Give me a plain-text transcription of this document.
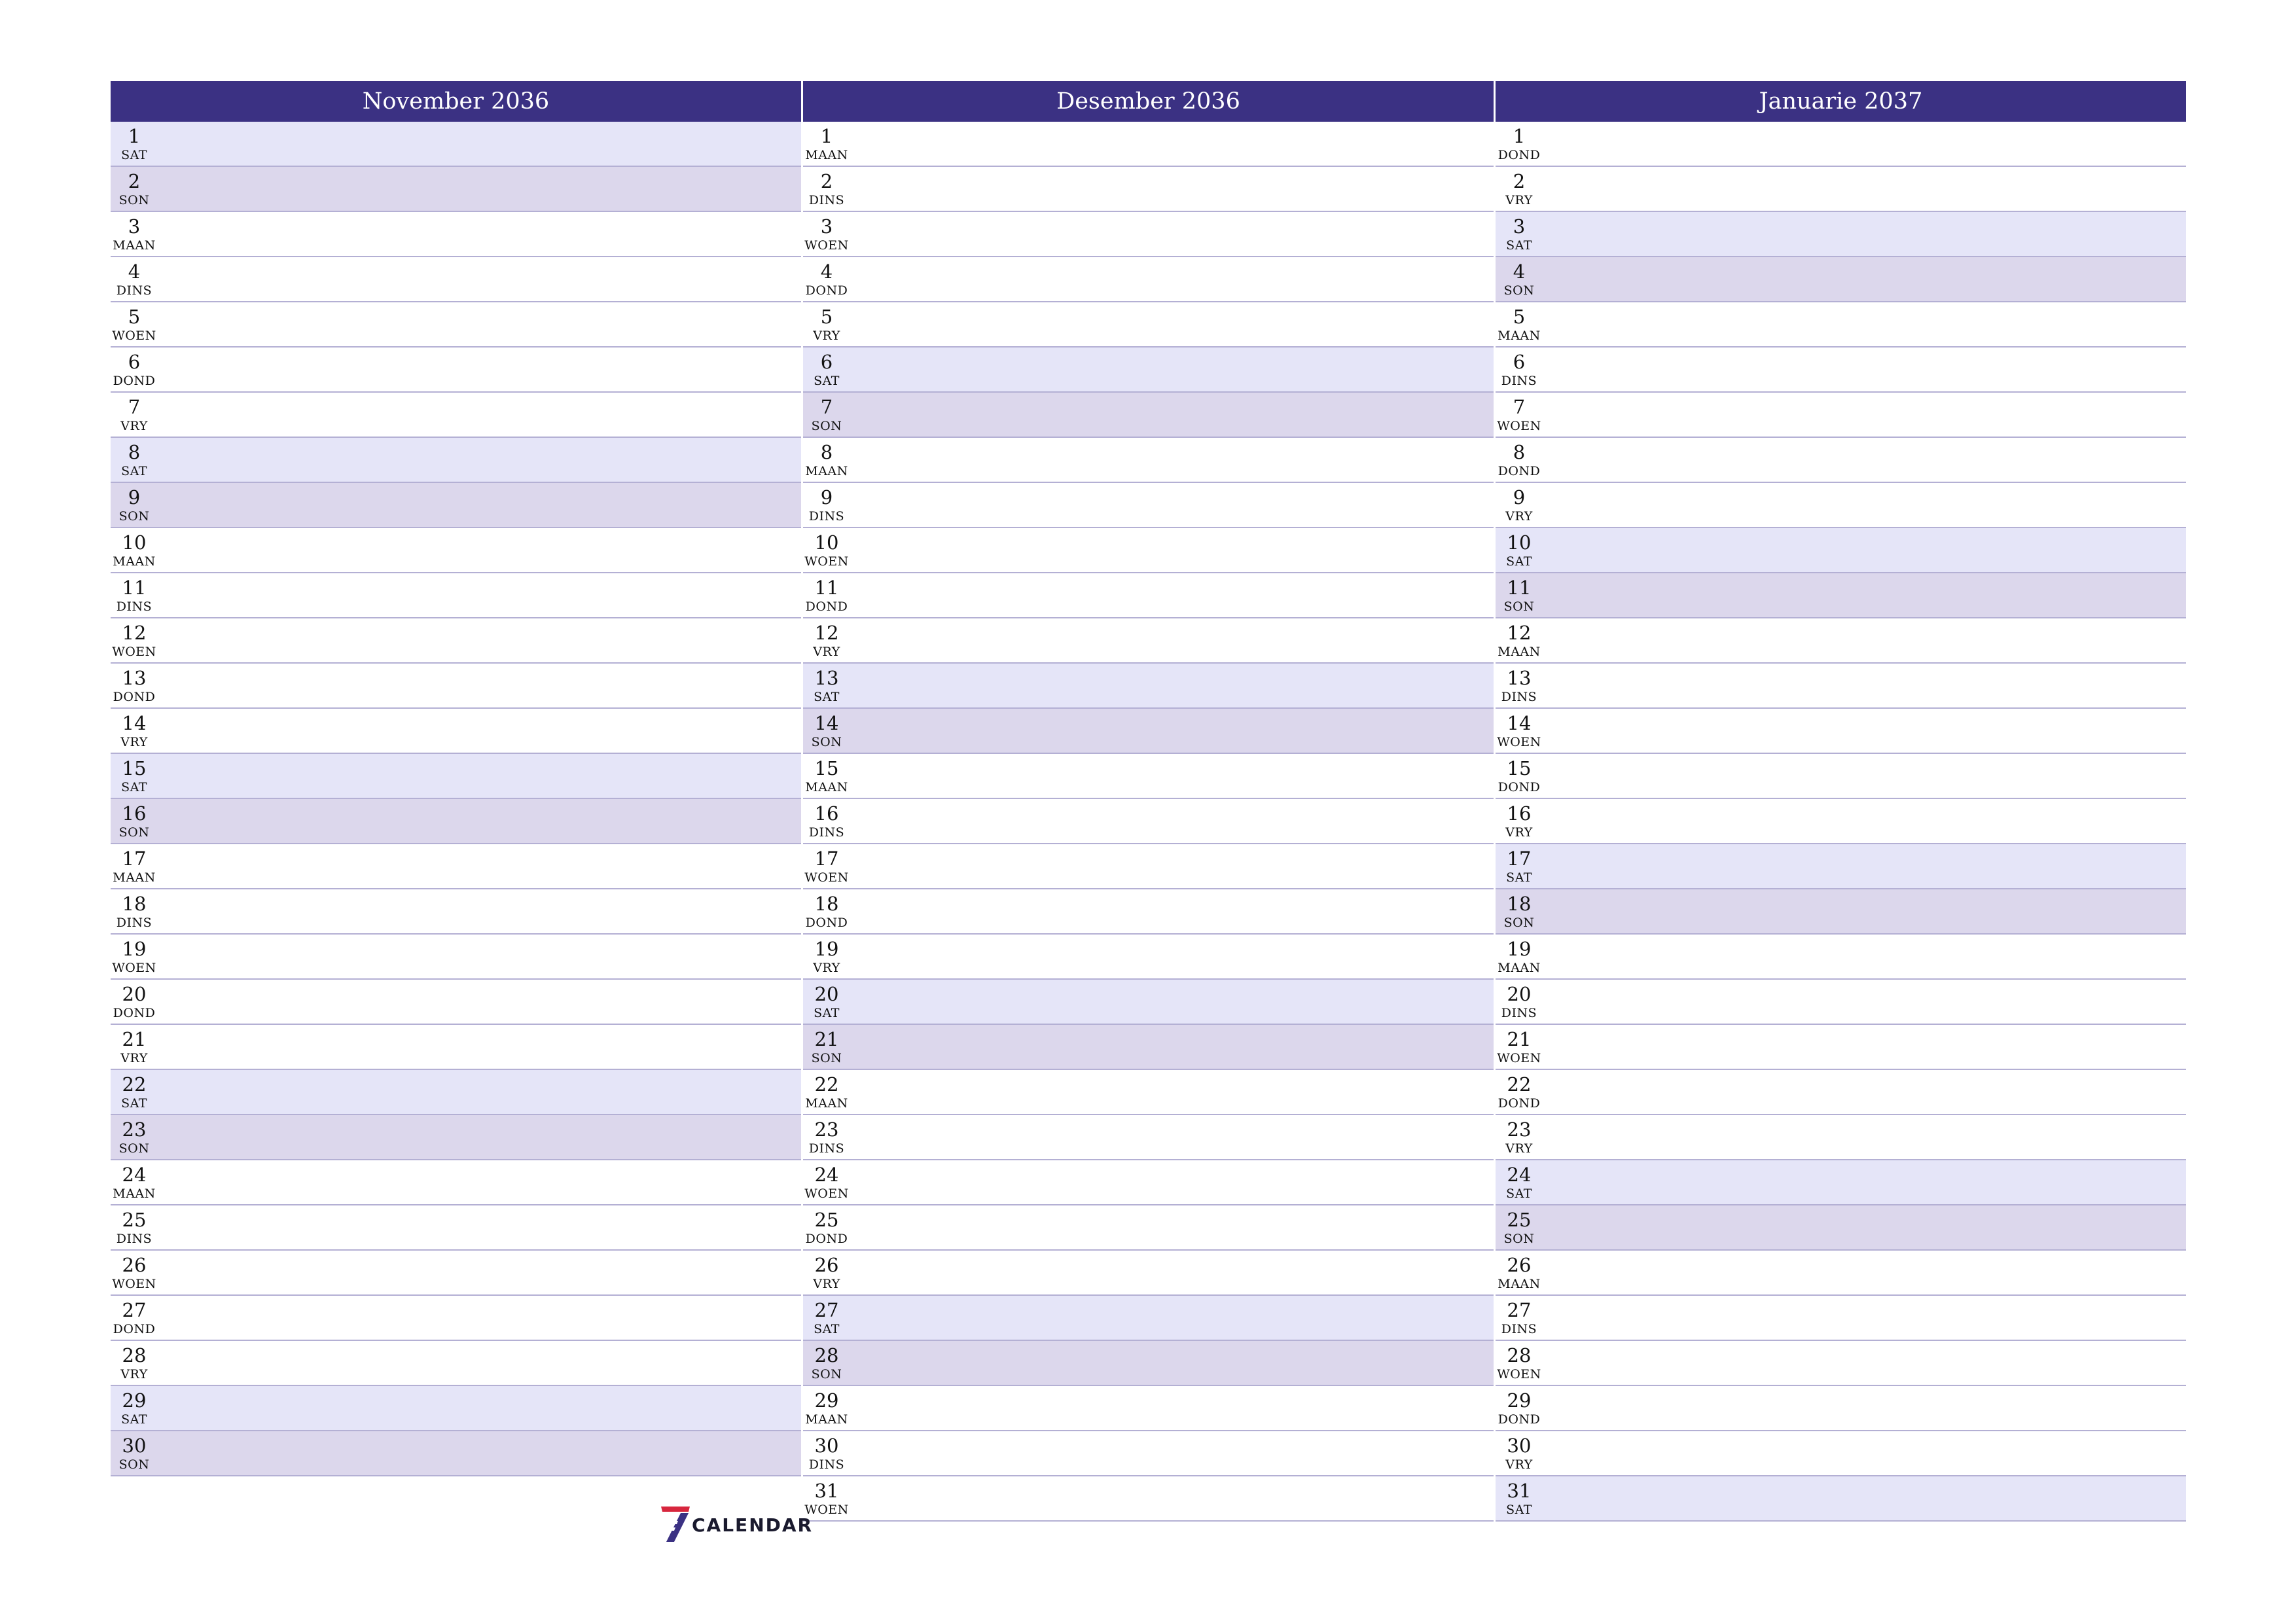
November 2036
1
SAT
2
SON
3
MAAN
4
DINS
5
WOEN
6
DOND
7
VRY
8
SAT
9
SON
10
MAAN
11
DINS
12
WOEN
13
DOND
14
VRY
15
SAT
16
SON
17
MAAN
18
DINS
19
WOEN
20
DOND
21
VRY
22
SAT
23
SON
24
MAAN
25
DINS
26
WOEN
27
DOND
28
VRY
29
SAT
30
SON
Desember 2036
1
MAAN
2
DINS
3
WOEN
4
DOND
5
VRY
6
SAT
7
SON
8
MAAN
9
DINS
10
WOEN
11
DOND
12
VRY
13
SAT
14
SON
15
MAAN
16
DINS
17
WOEN
18
DOND
19
VRY
20
SAT
21
SON
22
MAAN
23
DINS
24
WOEN
25
DOND
26
VRY
27
SAT
28
SON
29
MAAN
30
DINS
31
WOEN
Januarie 2037
1
DOND
2
VRY
3
SAT
4
SON
5
MAAN
6
DINS
7
WOEN
8
DOND
9
VRY
10
SAT
11
SON
12
MAAN
13
DINS
14
WOEN
15
DOND
16
VRY
17
SAT
18
SON
19
MAAN
20
DINS
21
WOEN
22
DOND
23
VRY
24
SAT
25
SON
26
MAAN
27
DINS
28
WOEN
29
DOND
30
VRY
31
SAT
CALENDAR
